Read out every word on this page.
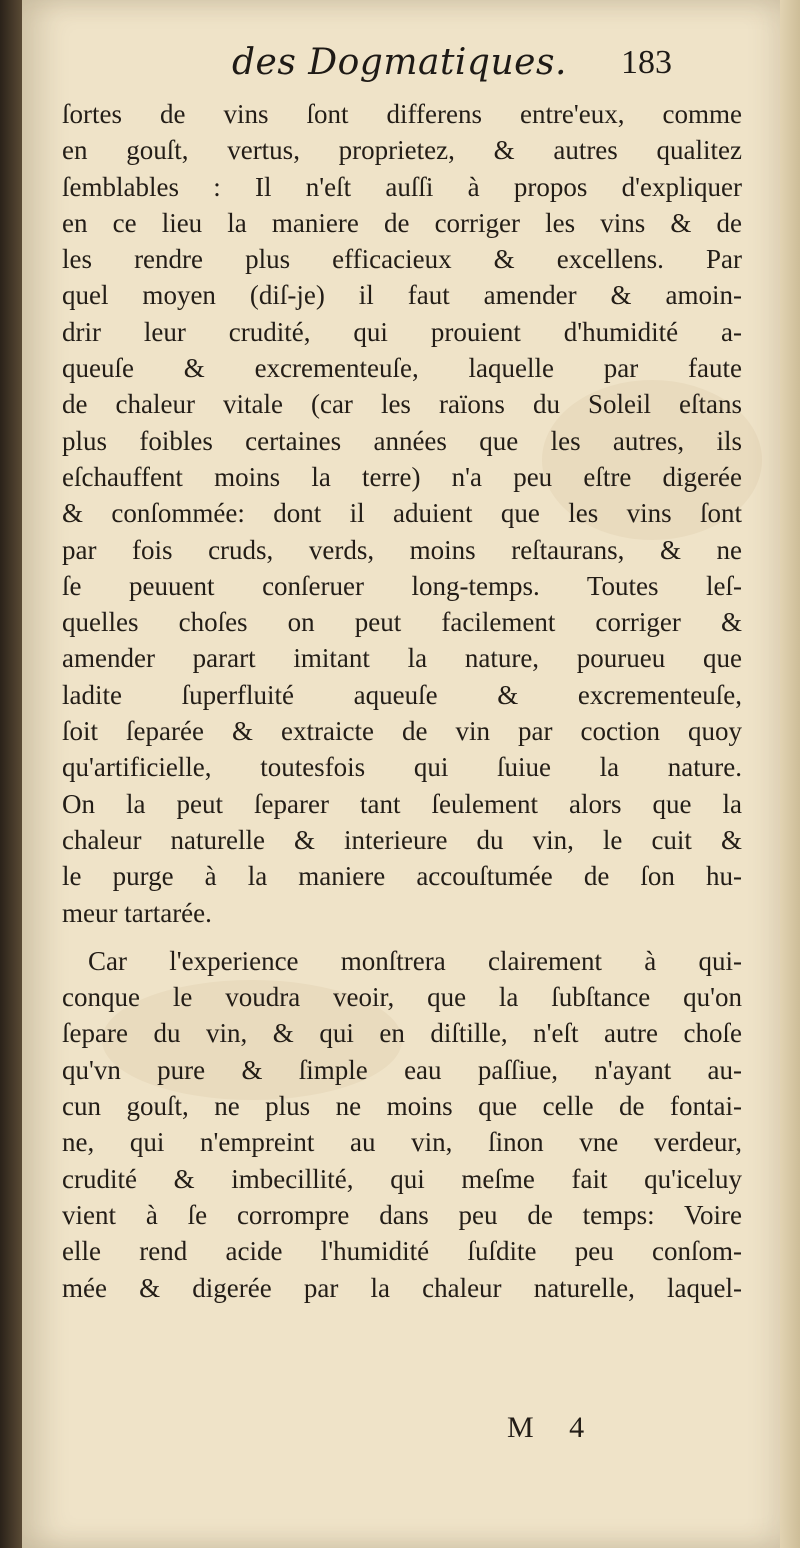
des Dogmatiques. 183
ſortes de vins ſont differens entre'eux, comme
en gouſt, vertus, proprietez, & autres qualitez
ſemblables : Il n'eſt auſſi à propos d'expliquer
en ce lieu la maniere de corriger les vins & de
les rendre plus efficacieux & excellens. Par
quel moyen (diſ-je) il faut amender & amoin-
drir leur crudité, qui prouient d'humidité a-
queuſe & excrementeuſe, laquelle par faute
de chaleur vitale (car les raïons du Soleil eſtans
plus foibles certaines années que les autres, ils
eſchauffent moins la terre) n'a peu eſtre digerée
& conſommée: dont il aduient que les vins ſont
par fois cruds, verds, moins reſtaurans, & ne
ſe peuuent conſeruer long-temps. Toutes leſ-
quelles choſes on peut facilement corriger &
amender parart imitant la nature, pourueu que
ladite ſuperfluité aqueuſe & excrementeuſe,
ſoit ſeparée & extraicte de vin par coction quoy
qu'artificielle, toutesfois qui ſuiue la nature.
On la peut ſeparer tant ſeulement alors que la
chaleur naturelle & interieure du vin, le cuit &
le purge à la maniere accouſtumée de ſon hu-
meur tartarée.
Car l'experience monſtrera clairement à qui-
conque le voudra veoir, que la ſubſtance qu'on
ſepare du vin, & qui en diſtille, n'eſt autre choſe
qu'vn pure & ſimple eau paſſiue, n'ayant au-
cun gouſt, ne plus ne moins que celle de fontai-
ne, qui n'empreint au vin, ſinon vne verdeur,
crudité & imbecillité, qui meſme fait qu'iceluy
vient à ſe corrompre dans peu de temps: Voire
elle rend acide l'humidité ſuſdite peu conſom-
mée & digerée par la chaleur naturelle, laquel-
M 4
